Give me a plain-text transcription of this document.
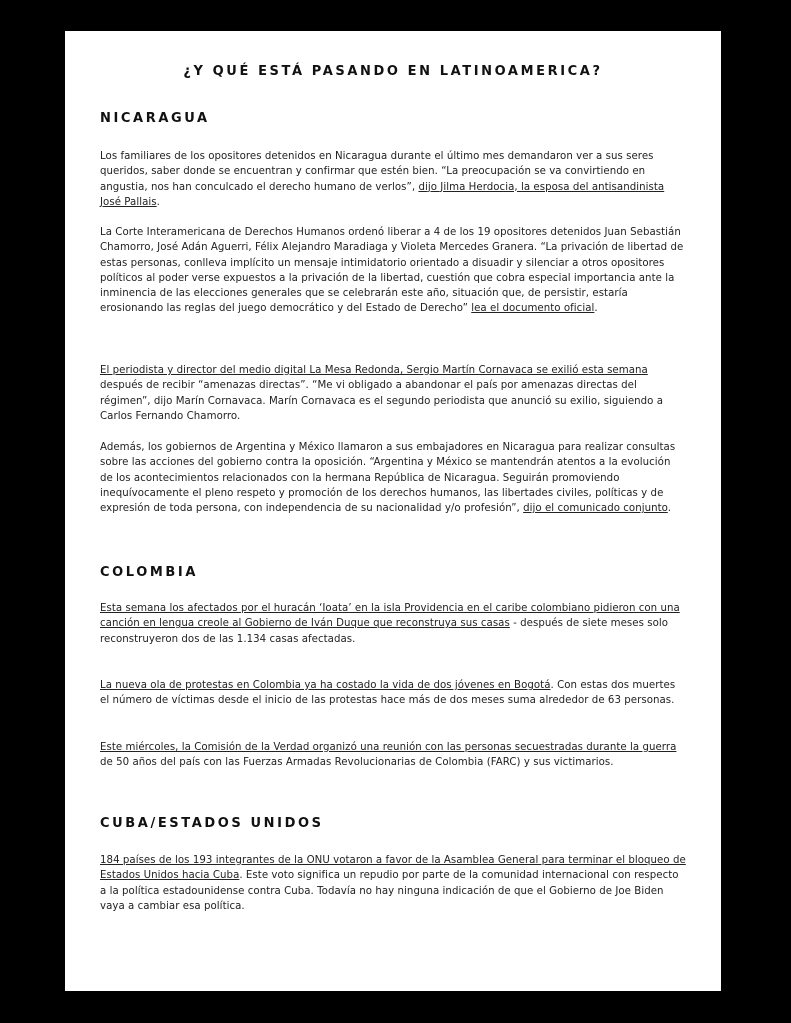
¿Y QUÉ ESTÁ PASANDO EN LATINOAMERICA?
NICARAGUA

Los familiares de los opositores detenidos en Nicaragua durante el último mes demandaron ver a sus seres queridos, saber donde se encuentran y confirmar que estén bien. “La preocupación se va convirtiendo en angustia, nos han conculcado el derecho humano de verlos”, dijo Jilma Herdocia, la esposa del antisandinista José Pallais.

La Corte Interamericana de Derechos Humanos ordenó liberar a 4 de los 19 opositores detenidos Juan Sebastián Chamorro, José Adán Aguerri, Félix Alejandro Maradiaga y Violeta Mercedes Granera. “La privación de libertad de estas personas, conlleva implícito un mensaje intimidatorio orientado a disuadir y silenciar a otros opositores políticos al poder verse expuestos a la privación de la libertad, cuestión que cobra especial importancia ante la inminencia de las elecciones generales que se celebrarán este año, situación que, de persistir, estaría erosionando las reglas del juego democrático y del Estado de Derecho” lea el documento oficial.

El periodista y director del medio digital La Mesa Redonda, Sergio Martín Cornavaca se exilió esta semana después de recibir “amenazas directas”. “Me vi obligado a abandonar el país por amenazas directas del régimen”, dijo Marín Cornavaca. Marín Cornavaca es el segundo periodista que anunció su exilio, siguiendo a Carlos Fernando Chamorro.

Además, los gobiernos de Argentina y México llamaron a sus embajadores en Nicaragua para realizar consultas sobre las acciones del gobierno contra la oposición. “Argentina y México se mantendrán atentos a la evolución de los acontecimientos relacionados con la hermana República de Nicaragua. Seguirán promoviendo inequívocamente el pleno respeto y promoción de los derechos humanos, las libertades civiles, políticas y de expresión de toda persona, con independencia de su nacionalidad y/o profesión”, dijo el comunicado conjunto.

COLOMBIA

Esta semana los afectados por el huracán ‘Ioata’ en la isla Providencia en el caribe colombiano pidieron con una canción en lengua creole al Gobierno de Iván Duque que reconstruya sus casas - después de siete meses solo reconstruyeron dos de las 1.134 casas afectadas.

La nueva ola de protestas en Colombia ya ha costado la vida de dos jóvenes en Bogotá. Con estas dos muertes el número de víctimas desde el inicio de las protestas hace más de dos meses suma alrededor de 63 personas.

Este miércoles, la Comisión de la Verdad organizó una reunión con las personas secuestradas durante la guerra de 50 años del país con las Fuerzas Armadas Revolucionarias de Colombia (FARC) y sus victimarios.

CUBA/ESTADOS UNIDOS

184 países de los 193 integrantes de la ONU votaron a favor de la Asamblea General para terminar el bloqueo de Estados Unidos hacia Cuba. Este voto significa un repudio por parte de la comunidad internacional con respecto a la política estadounidense contra Cuba. Todavía no hay ninguna indicación de que el Gobierno de Joe Biden vaya a cambiar esa política.
